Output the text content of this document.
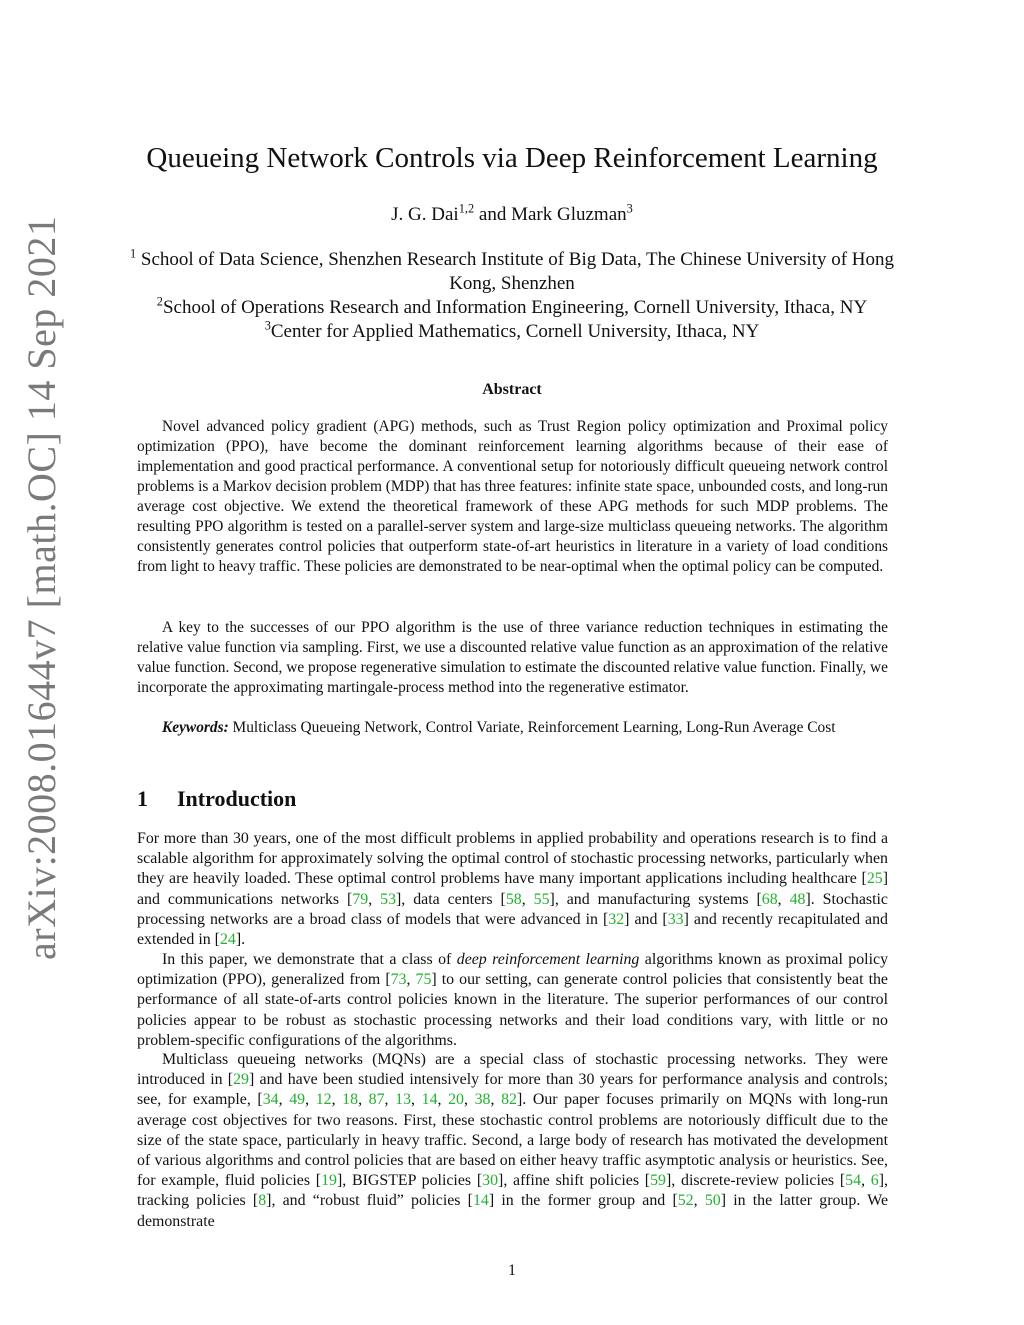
arXiv:2008.01644v7 [math.OC] 14 Sep 2021
Queueing Network Controls via Deep Reinforcement Learning
J. G. Dai$^{1,2}$ and Mark Gluzman$^3$
$^1$ School of Data Science, Shenzhen Research Institute of Big Data, The Chinese University of Hong Kong, Shenzhen
$^2$School of Operations Research and Information Engineering, Cornell University, Ithaca, NY
$^3$Center for Applied Mathematics, Cornell University, Ithaca, NY
Abstract

Novel advanced policy gradient (APG) methods, such as Trust Region policy optimization and Proximal policy optimization (PPO), have become the dominant reinforcement learning algorithms because of their ease of implementation and good practical performance. A conventional setup for notoriously difficult queueing network control problems is a Markov decision problem (MDP) that has three features: infinite state space, unbounded costs, and long-run average cost objective. We extend the theoretical framework of these APG methods for such MDP problems. The resulting PPO algorithm is tested on a parallel-server system and large-size multiclass queueing networks. The algorithm consistently generates control policies that outperform state-of-art heuristics in literature in a variety of load conditions from light to heavy traffic. These policies are demonstrated to be near-optimal when the optimal policy can be computed.

A key to the successes of our PPO algorithm is the use of three variance reduction techniques in estimating the relative value function via sampling. First, we use a discounted relative value function as an approximation of the relative value function. Second, we propose regenerative simulation to estimate the discounted relative value function. Finally, we incorporate the approximating martingale-process method into the regenerative estimator.

Keywords: Multiclass Queueing Network, Control Variate, Reinforcement Learning, Long-Run Average Cost

1 Introduction

For more than 30 years, one of the most difficult problems in applied probability and operations research is to find a scalable algorithm for approximately solving the optimal control of stochastic processing networks, particularly when they are heavily loaded. These optimal control problems have many important applications including healthcare [25] and communications networks [79, 53], data centers [58, 55], and manufacturing systems [68, 48]. Stochastic processing networks are a broad class of models that were advanced in [32] and [33] and recently recapitulated and extended in [24].

In this paper, we demonstrate that a class of deep reinforcement learning algorithms known as proximal policy optimization (PPO), generalized from [73, 75] to our setting, can generate control policies that consistently beat the performance of all state-of-arts control policies known in the literature. The superior performances of our control policies appear to be robust as stochastic processing networks and their load conditions vary, with little or no problem-specific configurations of the algorithms.

Multiclass queueing networks (MQNs) are a special class of stochastic processing networks. They were introduced in [29] and have been studied intensively for more than 30 years for performance analysis and controls; see, for example, [34, 49, 12, 18, 87, 13, 14, 20, 38, 82]. Our paper focuses primarily on MQNs with long-run average cost objectives for two reasons. First, these stochastic control problems are notoriously difficult due to the size of the state space, particularly in heavy traffic. Second, a large body of research has motivated the development of various algorithms and control policies that are based on either heavy traffic asymptotic analysis or heuristics. See, for example, fluid policies [19], BIGSTEP policies [30], affine shift policies [59], discrete-review policies [54, 6], tracking policies [8], and “robust fluid” policies [14] in the former group and [52, 50] in the latter group. We demonstrate

1
